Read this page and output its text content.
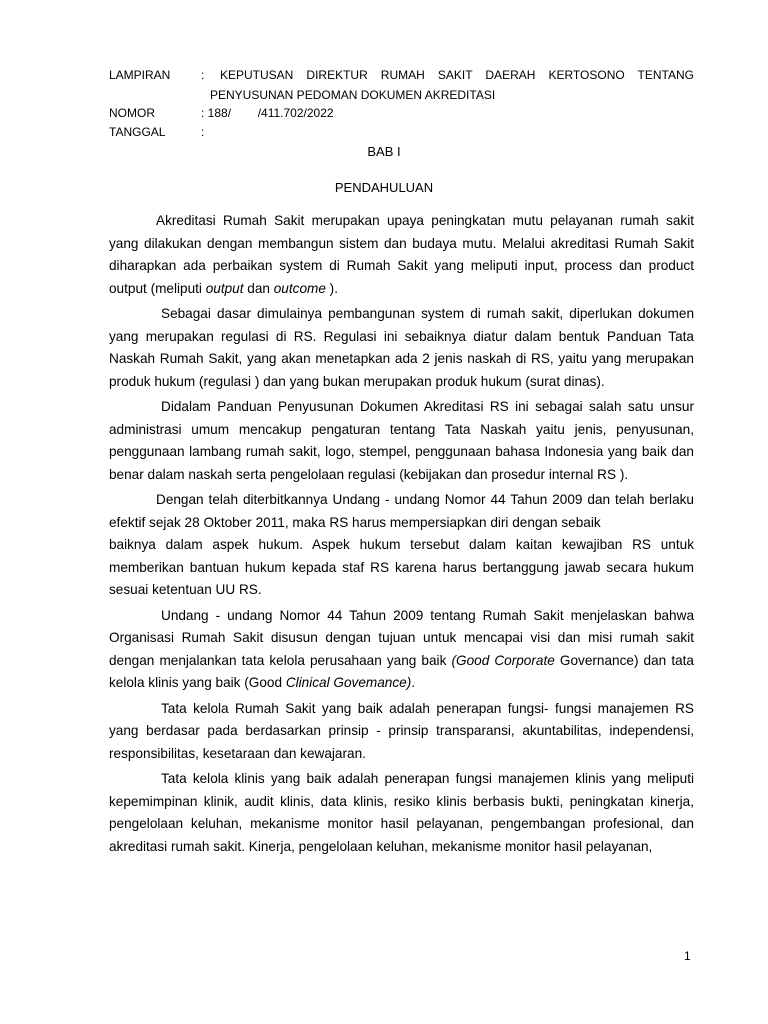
LAMPIRAN	: KEPUTUSAN DIREKTUR RUMAH SAKIT DAERAH KERTOSONO TENTANG
PENYUSUNAN PEDOMAN DOKUMEN AKREDITASI
NOMOR	: 188/        /411.702/2022
TANGGAL	:
BAB I
PENDAHULUAN

Akreditasi Rumah Sakit merupakan upaya peningkatan mutu pelayanan rumah sakit yang dilakukan dengan membangun sistem dan budaya mutu. Melalui akreditasi Rumah Sakit diharapkan ada perbaikan system di Rumah Sakit yang meliputi input, process dan product output (meliputi output dan outcome ).

Sebagai dasar dimulainya pembangunan system di rumah sakit, diperlukan dokumen yang merupakan regulasi di RS. Regulasi ini sebaiknya diatur dalam bentuk Panduan Tata Naskah Rumah Sakit, yang akan menetapkan ada 2 jenis naskah di RS, yaitu yang merupakan produk hukum (regulasi ) dan yang bukan merupakan produk hukum (surat dinas).

Didalam Panduan Penyusunan Dokumen Akreditasi RS ini sebagai salah satu unsur administrasi umum mencakup pengaturan tentang Tata Naskah yaitu jenis, penyusunan, penggunaan lambang rumah sakit, logo, stempel, penggunaan bahasa Indonesia yang baik dan benar dalam naskah serta pengelolaan regulasi (kebijakan dan prosedur internal RS ).

Dengan telah diterbitkannya Undang - undang Nomor 44 Tahun 2009 dan telah berlaku efektif sejak 28 Oktober 2011, maka RS harus mempersiapkan diri dengan sebaik

baiknya dalam aspek hukum. Aspek hukum tersebut dalam kaitan kewajiban RS untuk memberikan bantuan hukum kepada staf RS karena harus bertanggung jawab secara hukum sesuai ketentuan UU RS.

Undang - undang Nomor 44 Tahun 2009 tentang Rumah Sakit menjelaskan bahwa Organisasi Rumah Sakit disusun dengan tujuan untuk mencapai visi dan misi rumah sakit dengan menjalankan tata kelola perusahaan yang baik (Good Corporate Governance) dan tata kelola klinis yang baik (Good Clinical Govemance).

Tata kelola Rumah Sakit yang baik adalah penerapan fungsi- fungsi manajemen RS yang berdasar pada berdasarkan prinsip - prinsip transparansi, akuntabilitas, independensi, responsibilitas, kesetaraan dan kewajaran.

Tata kelola klinis yang baik adalah penerapan fungsi manajemen klinis yang meliputi kepemimpinan klinik, audit klinis, data klinis, resiko klinis berbasis bukti, peningkatan kinerja, pengelolaan keluhan, mekanisme monitor hasil pelayanan, pengembangan profesional, dan akreditasi rumah sakit. Kinerja, pengelolaan keluhan, mekanisme monitor hasil pelayanan,

1
